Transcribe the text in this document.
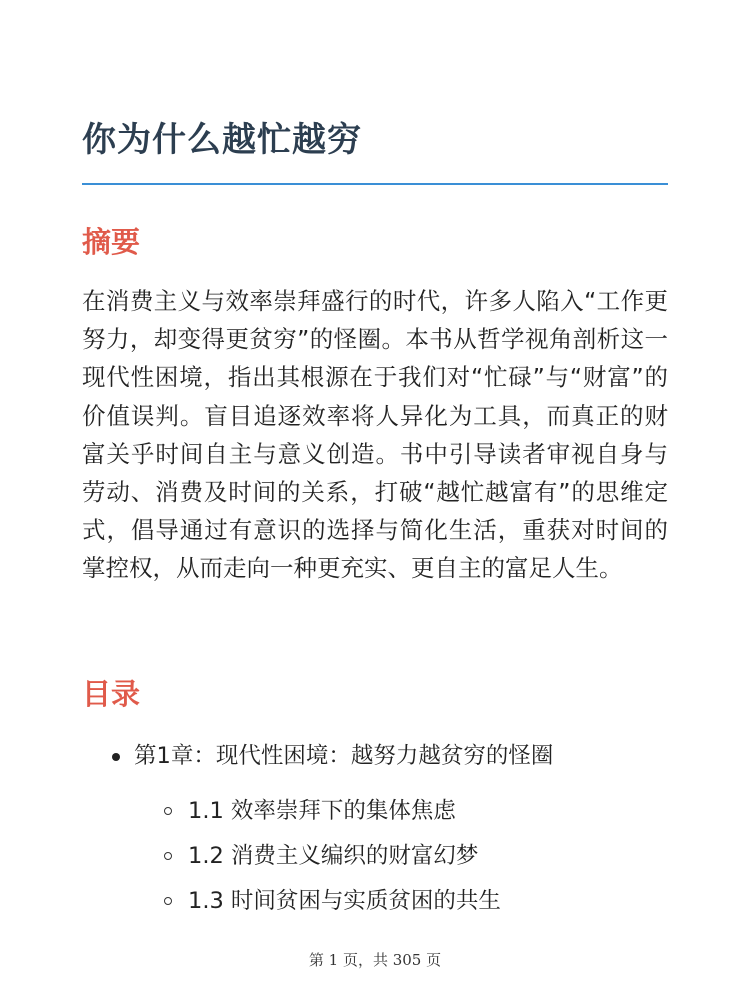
你为什么越忙越穷
摘要

在消费主义与效率崇拜盛行的时代，许多人陷入“工作更努力，却变得更贫穷”的怪圈。本书从哲学视角剖析这一现代性困境，指出其根源在于我们对“忙碌”与“财富”的价值误判。盲目追逐效率将人异化为工具，而真正的财富关乎时间自主与意义创造。书中引导读者审视自身与劳动、消费及时间的关系，打破“越忙越富有”的思维定式，倡导通过有意识的选择与简化生活，重获对时间的掌控权，从而走向一种更充实、更自主的富足人生。

目录
第1章：现代性困境：越努力越贫穷的怪圈
1.1 效率崇拜下的集体焦虑
1.2 消费主义编织的财富幻梦
1.3 时间贫困与实质贫困的共生
第 1 页，共 305 页
